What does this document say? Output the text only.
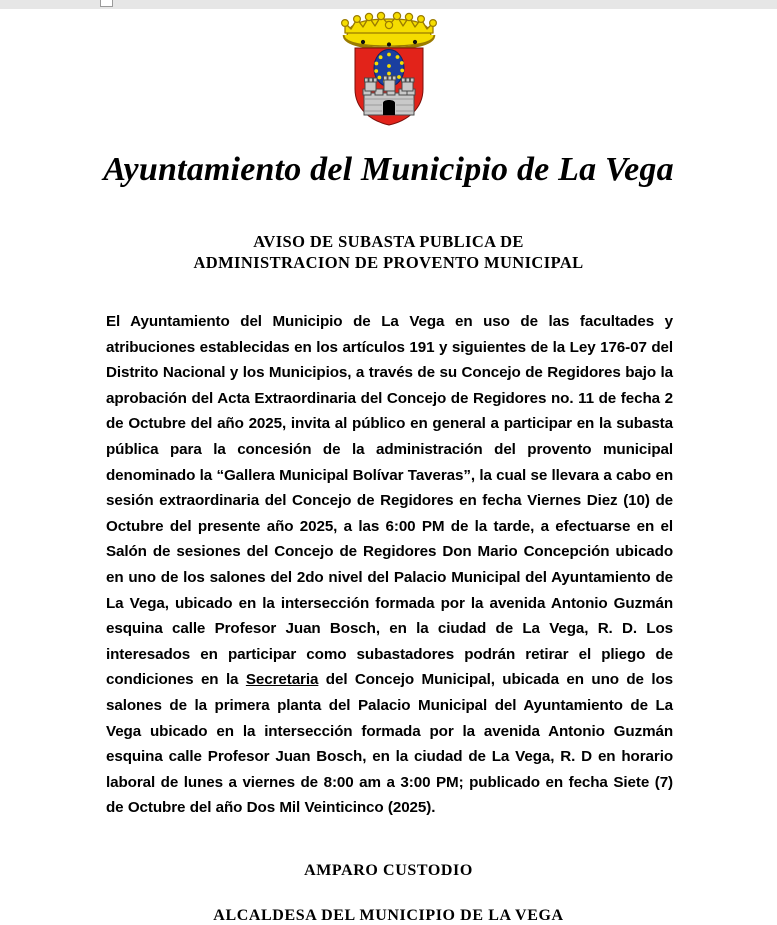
Ayuntamiento del Municipio de La Vega
AVISO DE SUBASTA PUBLICA DE
ADMINISTRACION DE PROVENTO MUNICIPAL
El Ayuntamiento del Municipio de La Vega en uso de las facultades y atribuciones establecidas en los artículos 191 y siguientes de la Ley 176-07 del Distrito Nacional y los Municipios, a través de su Concejo de Regidores bajo la aprobación del Acta Extraordinaria del Concejo de Regidores no. 11 de fecha 2 de Octubre del año 2025, invita al público en general a participar en la subasta pública para la concesión de la administración del provento municipal denominado la “Gallera Municipal Bolívar Taveras”, la cual se llevara a cabo en sesión extraordinaria del Concejo de Regidores en fecha Viernes Diez (10) de Octubre del presente año 2025, a las 6:00 PM de la tarde, a efectuarse en el Salón de sesiones del Concejo de Regidores Don Mario Concepción ubicado en uno de los salones del 2do nivel del Palacio Municipal del Ayuntamiento de La Vega, ubicado en la intersección formada por la avenida Antonio Guzmán esquina calle Profesor Juan Bosch, en la ciudad de La Vega, R. D. Los interesados en participar como subastadores podrán retirar el pliego de condiciones en la Secretaria del Concejo Municipal, ubicada en uno de los salones de la primera planta del Palacio Municipal del Ayuntamiento de La Vega ubicado en la intersección formada por la avenida Antonio Guzmán esquina calle Profesor Juan Bosch, en la ciudad de La Vega, R. D en horario laboral de lunes a viernes de 8:00 am a 3:00 PM; publicado en fecha Siete (7) de Octubre del año Dos Mil Veinticinco (2025).
AMPARO CUSTODIO
ALCALDESA DEL MUNICIPIO DE LA VEGA
